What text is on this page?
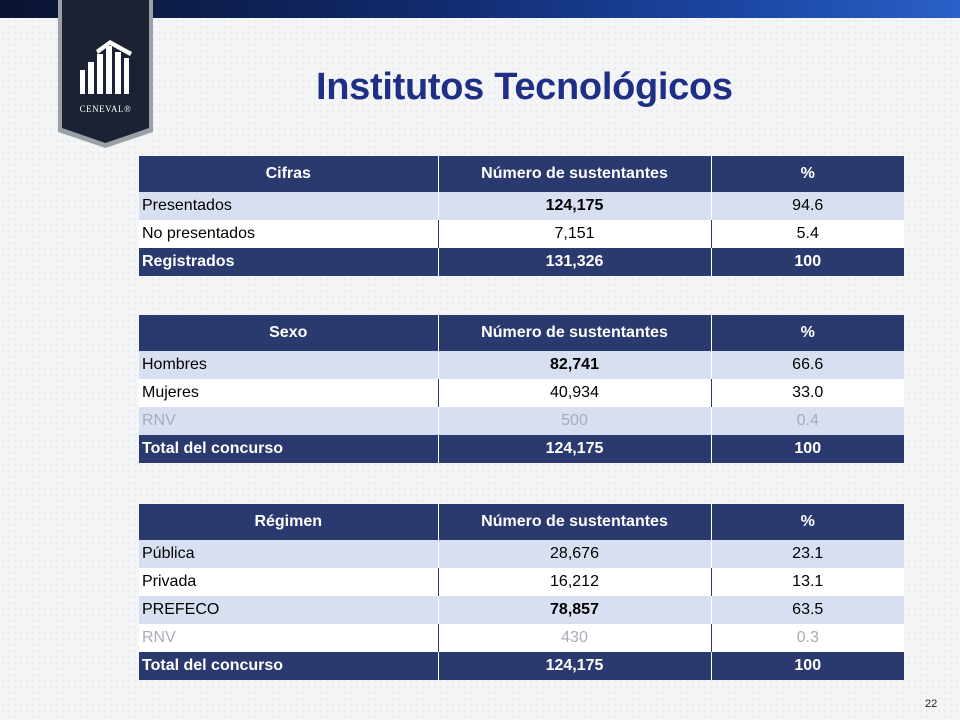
CENEVAL®
Institutos Tecnológicos
Cifras	Número de sustentantes	%
Presentados	124,175	94.6
No presentados	7,151	5.4
Registrados	131,326	100
Sexo	Número de sustentantes	%
Hombres	82,741	66.6
Mujeres	40,934	33.0
RNV	500	0.4
Total del concurso	124,175	100
Régimen	Número de sustentantes	%
Pública	28,676	23.1
Privada	16,212	13.1
PREFECO	78,857	63.5
RNV	430	0.3
Total del concurso	124,175	100
22
